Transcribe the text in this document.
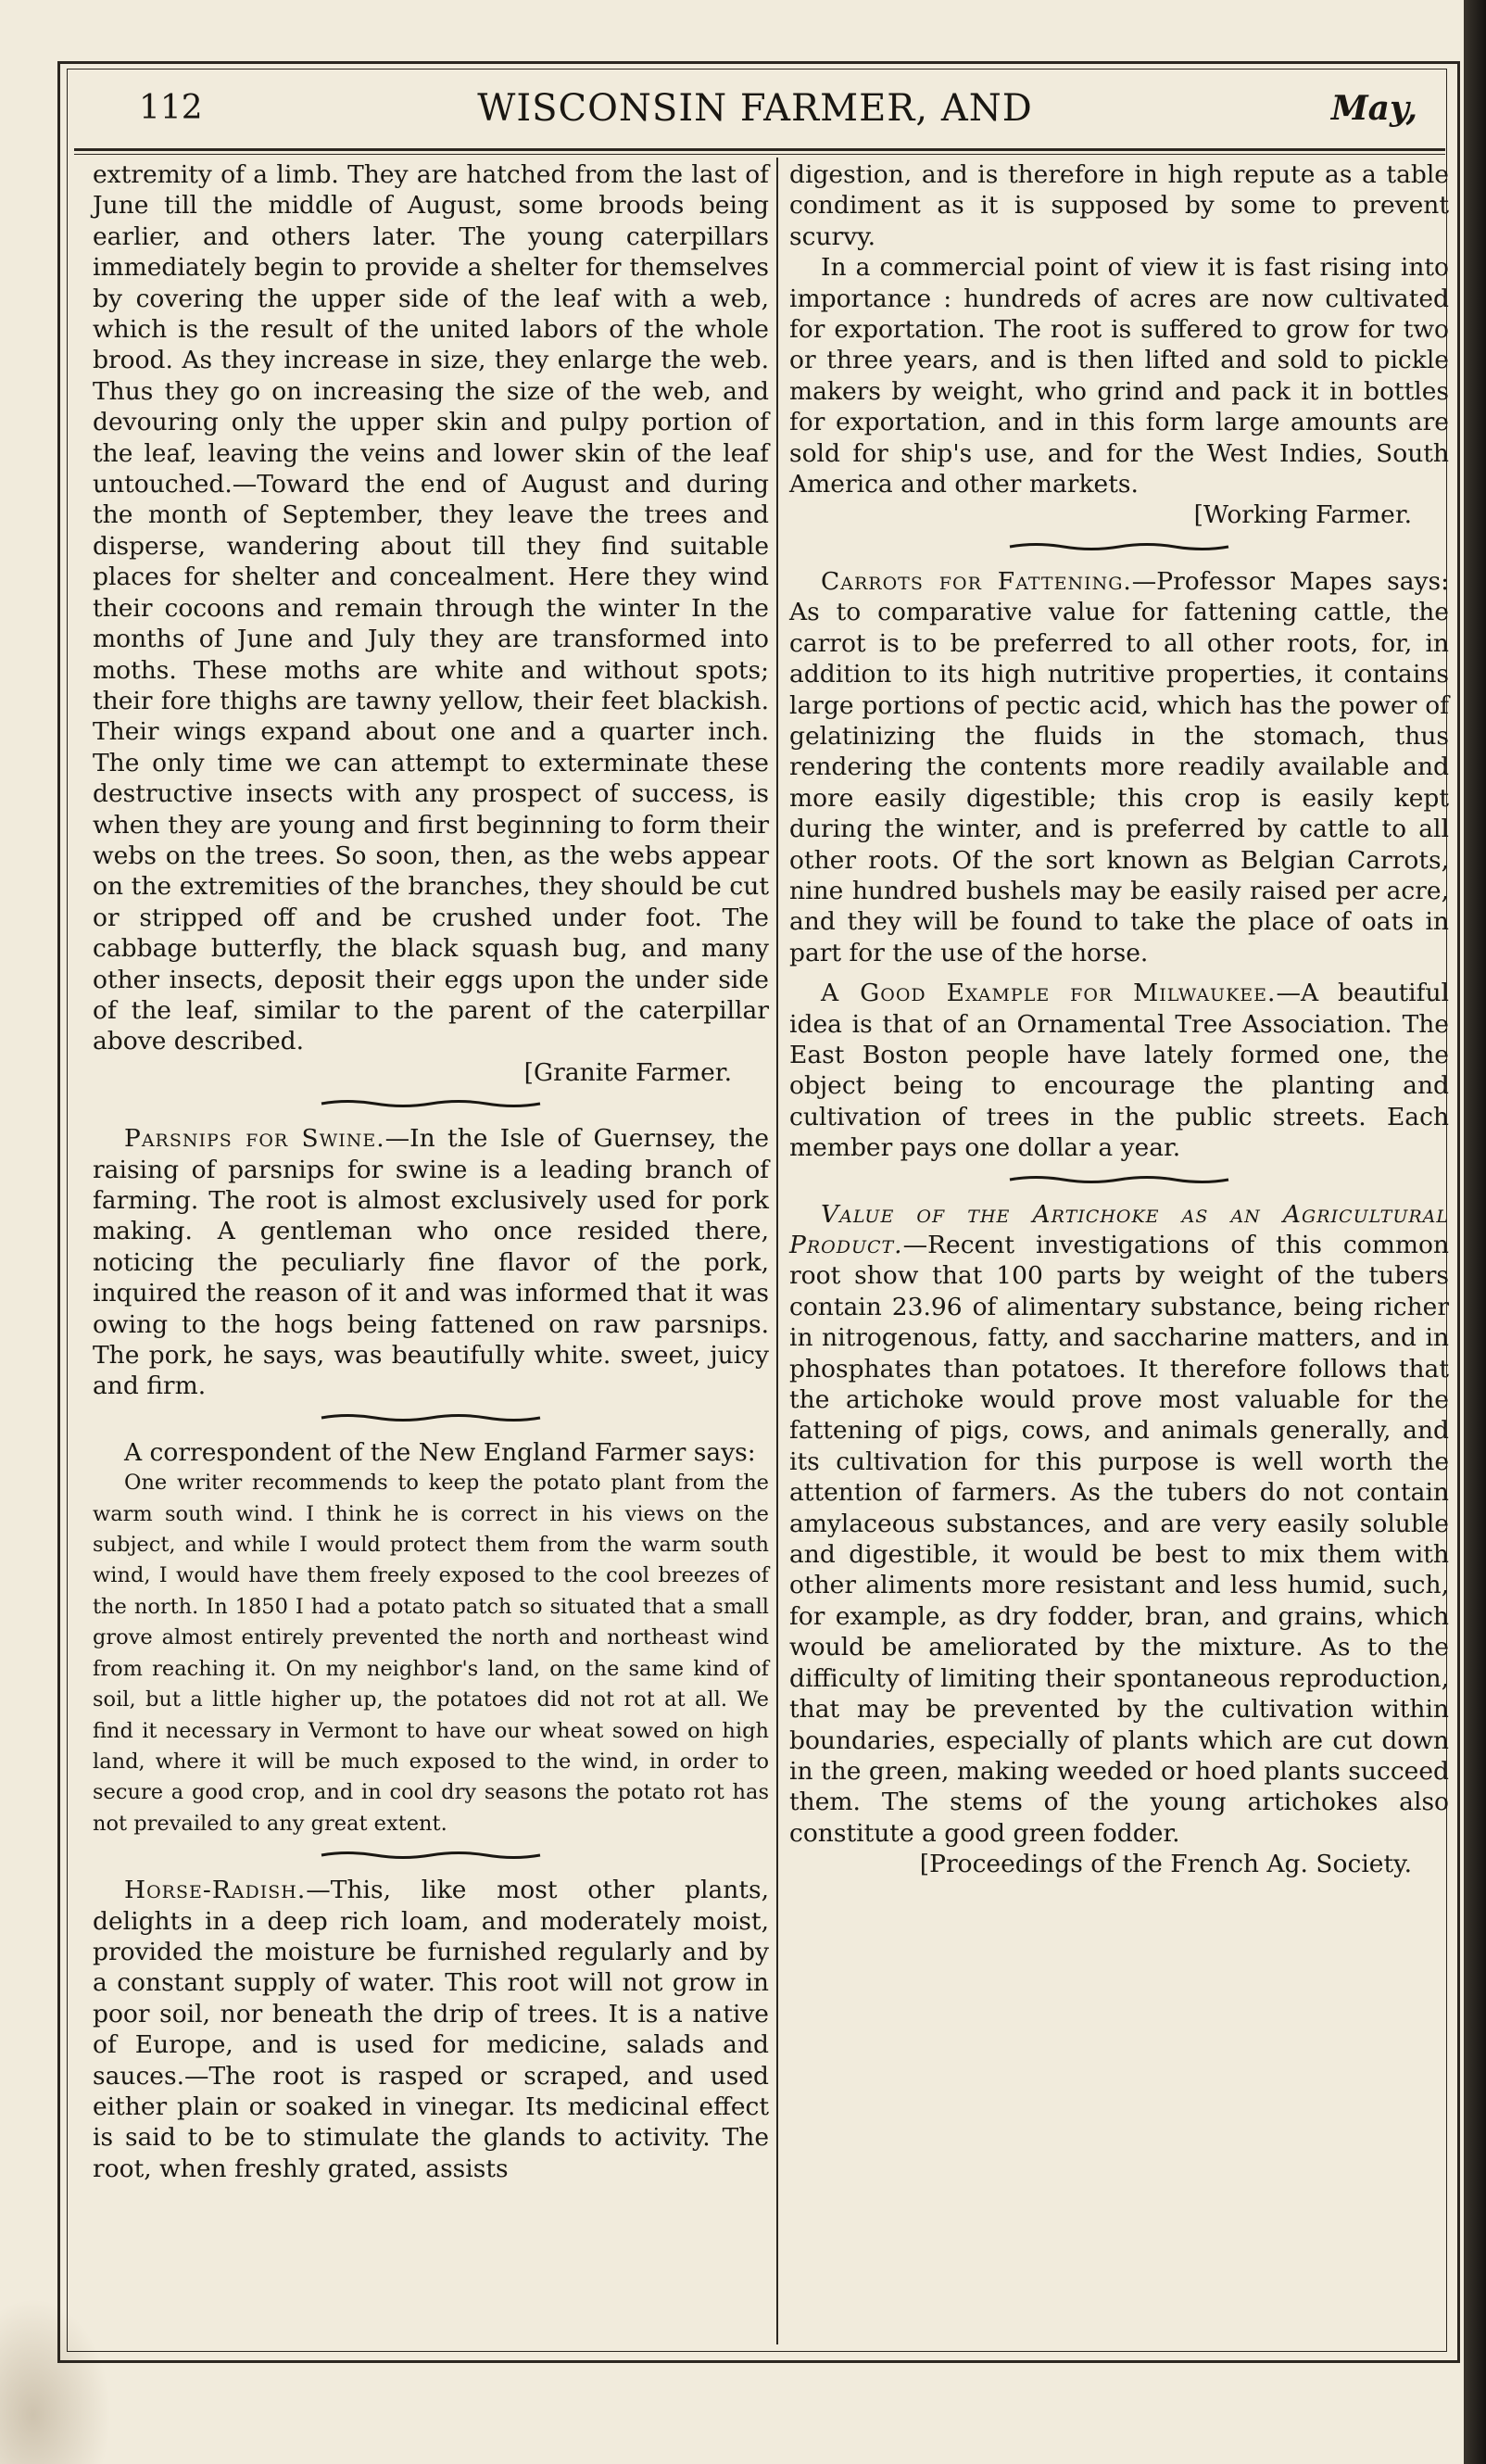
112	WISCONSIN FARMER, AND	May,

extremity of a limb. They are hatched from the last of June till the middle of August, some broods being earlier, and others later. The young caterpillars immediately begin to provide a shelter for themselves by covering the upper side of the leaf with a web, which is the result of the united labors of the whole brood. As they increase in size, they enlarge the web. Thus they go on increasing the size of the web, and devouring only the upper skin and pulpy portion of the leaf, leaving the veins and lower skin of the leaf untouched.—Toward the end of August and during the month of September, they leave the trees and disperse, wandering about till they find suitable places for shelter and concealment. Here they wind their cocoons and remain through the winter In the months of June and July they are transformed into moths. These moths are white and without spots; their fore thighs are tawny yellow, their feet blackish. Their wings expand about one and a quarter inch. The only time we can attempt to exterminate these destructive insects with any prospect of success, is when they are young and first beginning to form their webs on the trees. So soon, then, as the webs appear on the extremities of the branches, they should be cut or stripped off and be crushed under foot. The cabbage butterfly, the black squash bug, and many other insects, deposit their eggs upon the under side of the leaf, similar to the parent of the caterpillar above described.

[Granite Farmer.

Parsnips for Swine.—In the Isle of Guernsey, the raising of parsnips for swine is a leading branch of farming. The root is almost exclusively used for pork making. A gentleman who once resided there, noticing the peculiarly fine flavor of the pork, inquired the reason of it and was informed that it was owing to the hogs being fattened on raw parsnips. The pork, he says, was beautifully white. sweet, juicy and firm.

A correspondent of the New England Farmer says:

One writer recommends to keep the potato plant from the warm south wind. I think he is correct in his views on the subject, and while I would protect them from the warm south wind, I would have them freely exposed to the cool breezes of the north. In 1850 I had a potato patch so situated that a small grove almost entirely prevented the north and northeast wind from reaching it. On my neighbor's land, on the same kind of soil, but a little higher up, the potatoes did not rot at all. We find it necessary in Vermont to have our wheat sowed on high land, where it will be much exposed to the wind, in order to secure a good crop, and in cool dry seasons the potato rot has not prevailed to any great extent.

Horse-Radish.—This, like most other plants, delights in a deep rich loam, and moderately moist, provided the moisture be furnished regularly and by a constant supply of water. This root will not grow in poor soil, nor beneath the drip of trees. It is a native of Europe, and is used for medicine, salads and sauces.—The root is rasped or scraped, and used either plain or soaked in vinegar. Its medicinal effect is said to be to stimulate the glands to activity. The root, when freshly grated, assists

digestion, and is therefore in high repute as a table condiment as it is supposed by some to prevent scurvy.

In a commercial point of view it is fast rising into importance : hundreds of acres are now cultivated for exportation. The root is suffered to grow for two or three years, and is then lifted and sold to pickle makers by weight, who grind and pack it in bottles for exportation, and in this form large amounts are sold for ship's use, and for the West Indies, South America and other markets.

[Working Farmer.

Carrots for Fattening.—Professor Mapes says: As to comparative value for fattening cattle, the carrot is to be preferred to all other roots, for, in addition to its high nutritive properties, it contains large portions of pectic acid, which has the power of gelatinizing the fluids in the stomach, thus rendering the contents more readily available and more easily digestible; this crop is easily kept during the winter, and is preferred by cattle to all other roots. Of the sort known as Belgian Carrots, nine hundred bushels may be easily raised per acre, and they will be found to take the place of oats in part for the use of the horse.

A Good Example for Milwaukee.—A beautiful idea is that of an Ornamental Tree Association. The East Boston people have lately formed one, the object being to encourage the planting and cultivation of trees in the public streets. Each member pays one dollar a year.

Value of the Artichoke as an Agricultural Product.—Recent investigations of this common root show that 100 parts by weight of the tubers contain 23.96 of alimentary substance, being richer in nitrogenous, fatty, and saccharine matters, and in phosphates than potatoes. It therefore follows that the artichoke would prove most valuable for the fattening of pigs, cows, and animals generally, and its cultivation for this purpose is well worth the attention of farmers. As the tubers do not contain amylaceous substances, and are very easily soluble and digestible, it would be best to mix them with other aliments more resistant and less humid, such, for example, as dry fodder, bran, and grains, which would be ameliorated by the mixture. As to the difficulty of limiting their spontaneous reproduction, that may be prevented by the cultivation within boundaries, especially of plants which are cut down in the green, making weeded or hoed plants succeed them. The stems of the young artichokes also constitute a good green fodder.

[Proceedings of the French Ag. Society.
